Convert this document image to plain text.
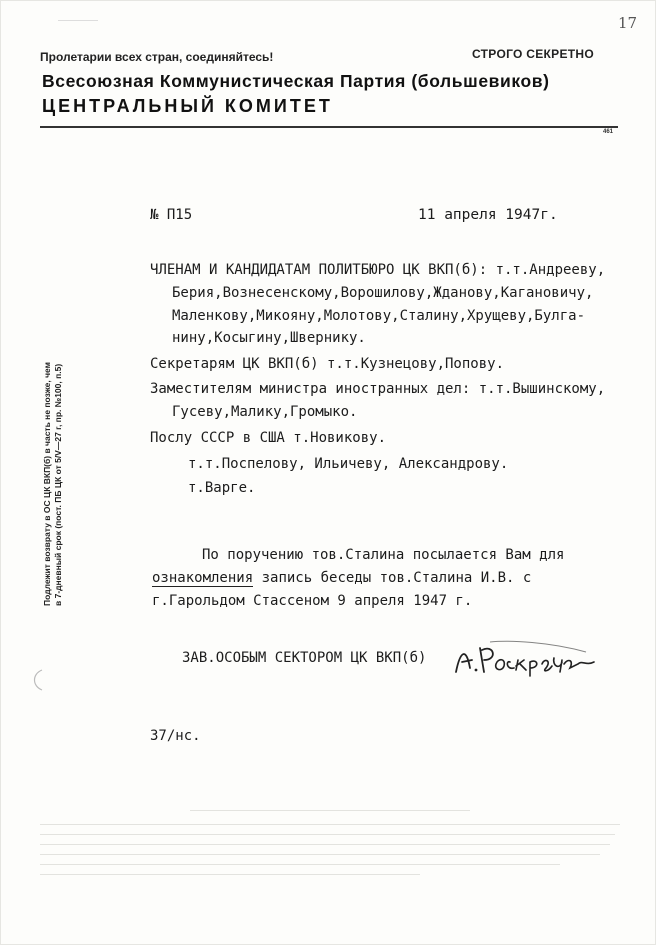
17
Пролетарии всех стран, соединяйтесь!	СТРОГО СЕКРЕТНО
Всесоюзная Коммунистическая Партия (большевиков)
ЦЕНТРАЛЬНЫЙ КОМИТЕТ
461
Подлежит возврату в ОС ЦК ВКП(б) в часть не позже, чем в 7-дневный срок (пост. ПБ ЦК от 5/V—27 г, пр. №100, п.5)
№ П15	11 апреля 1947г.
ЧЛЕНАМ И КАНДИДАТАМ ПОЛИТБЮРО ЦК ВКП(б): т.т.Андрееву,
Берия,Вознесенскому,Ворошилову,Жданову,Кагановичу,
Маленкову,Микояну,Молотову,Сталину,Хрущеву,Булга-
нину,Косыгину,Швернику.
Секретарям ЦК ВКП(б) т.т.Кузнецову,Попову.
Заместителям министра иностранных дел: т.т.Вышинскому,
Гусеву,Малику,Громыко.
Послу СССР в США т.Новикову.
т.т.Поспелову, Ильичеву, Александрову.
т.Варге.
По поручению тов.Сталина посылается Вам для
ознакомления запись беседы тов.Сталина И.В. с
г.Гарольдом Стассеном 9 апреля 1947 г.
ЗАВ.ОСОБЫМ СЕКТОРОМ ЦК ВКП(б)
37/нс.
